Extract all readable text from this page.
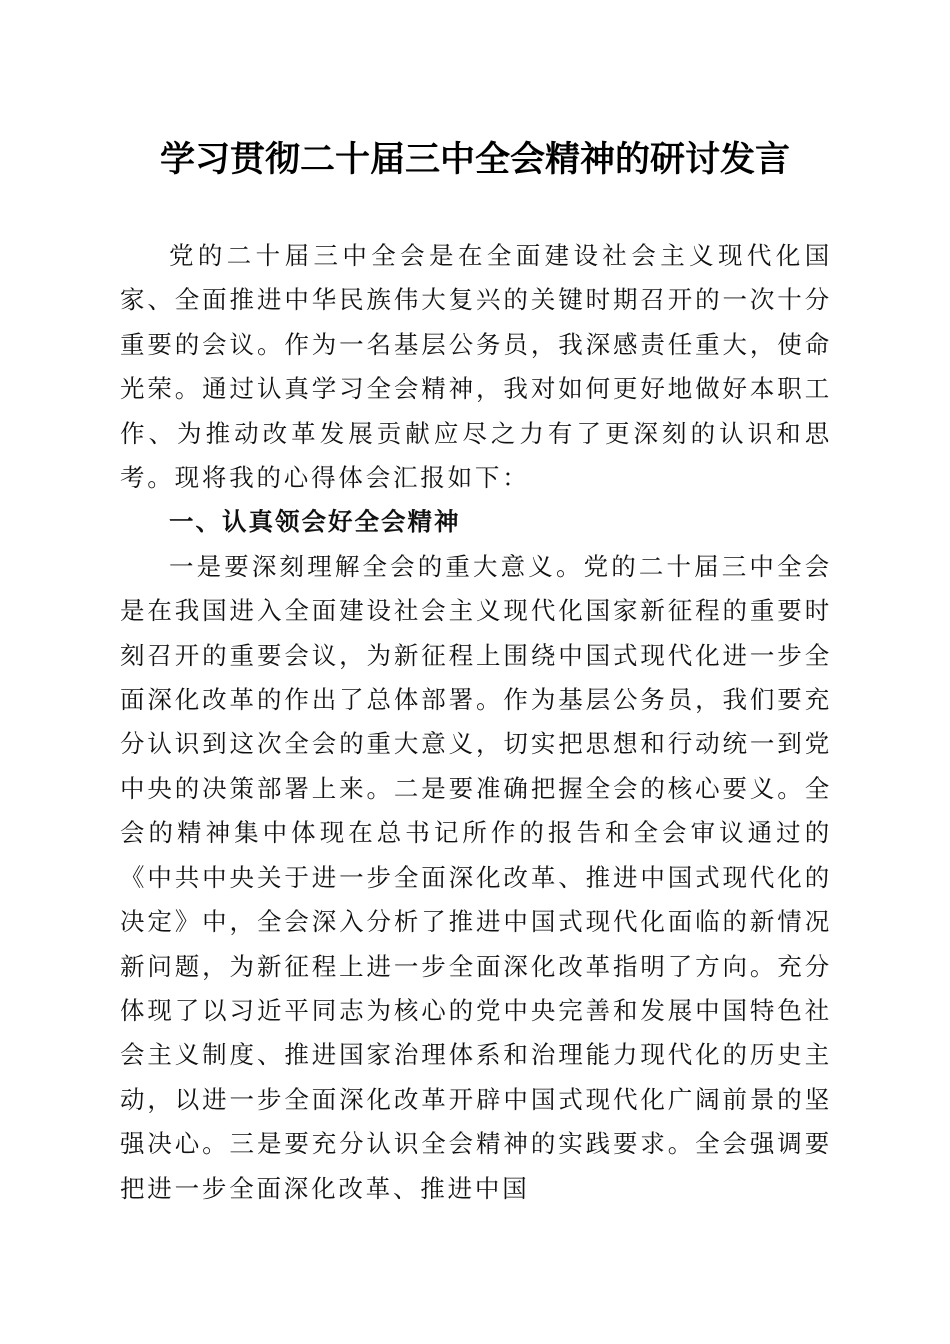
学习贯彻二十届三中全会精神的研讨发言

党的二十届三中全会是在全面建设社会主义现代化国家、全面推进中华民族伟大复兴的关键时期召开的一次十分重要的会议。作为一名基层公务员，我深感责任重大，使命光荣。通过认真学习全会精神，我对如何更好地做好本职工作、为推动改革发展贡献应尽之力有了更深刻的认识和思考。现将我的心得体会汇报如下：

一、认真领会好全会精神

一是要深刻理解全会的重大意义。党的二十届三中全会是在我国进入全面建设社会主义现代化国家新征程的重要时刻召开的重要会议，为新征程上围绕中国式现代化进一步全面深化改革的作出了总体部署。作为基层公务员，我们要充分认识到这次全会的重大意义，切实把思想和行动统一到党中央的决策部署上来。二是要准确把握全会的核心要义。全会的精神集中体现在总书记所作的报告和全会审议通过的《中共中央关于进一步全面深化改革、推进中国式现代化的决定》中，全会深入分析了推进中国式现代化面临的新情况新问题，为新征程上进一步全面深化改革指明了方向。充分体现了以习近平同志为核心的党中央完善和发展中国特色社会主义制度、推进国家治理体系和治理能力现代化的历史主动，以进一步全面深化改革开辟中国式现代化广阔前景的坚强决心。三是要充分认识全会精神的实践要求。全会强调要把进一步全面深化改革、推进中国
